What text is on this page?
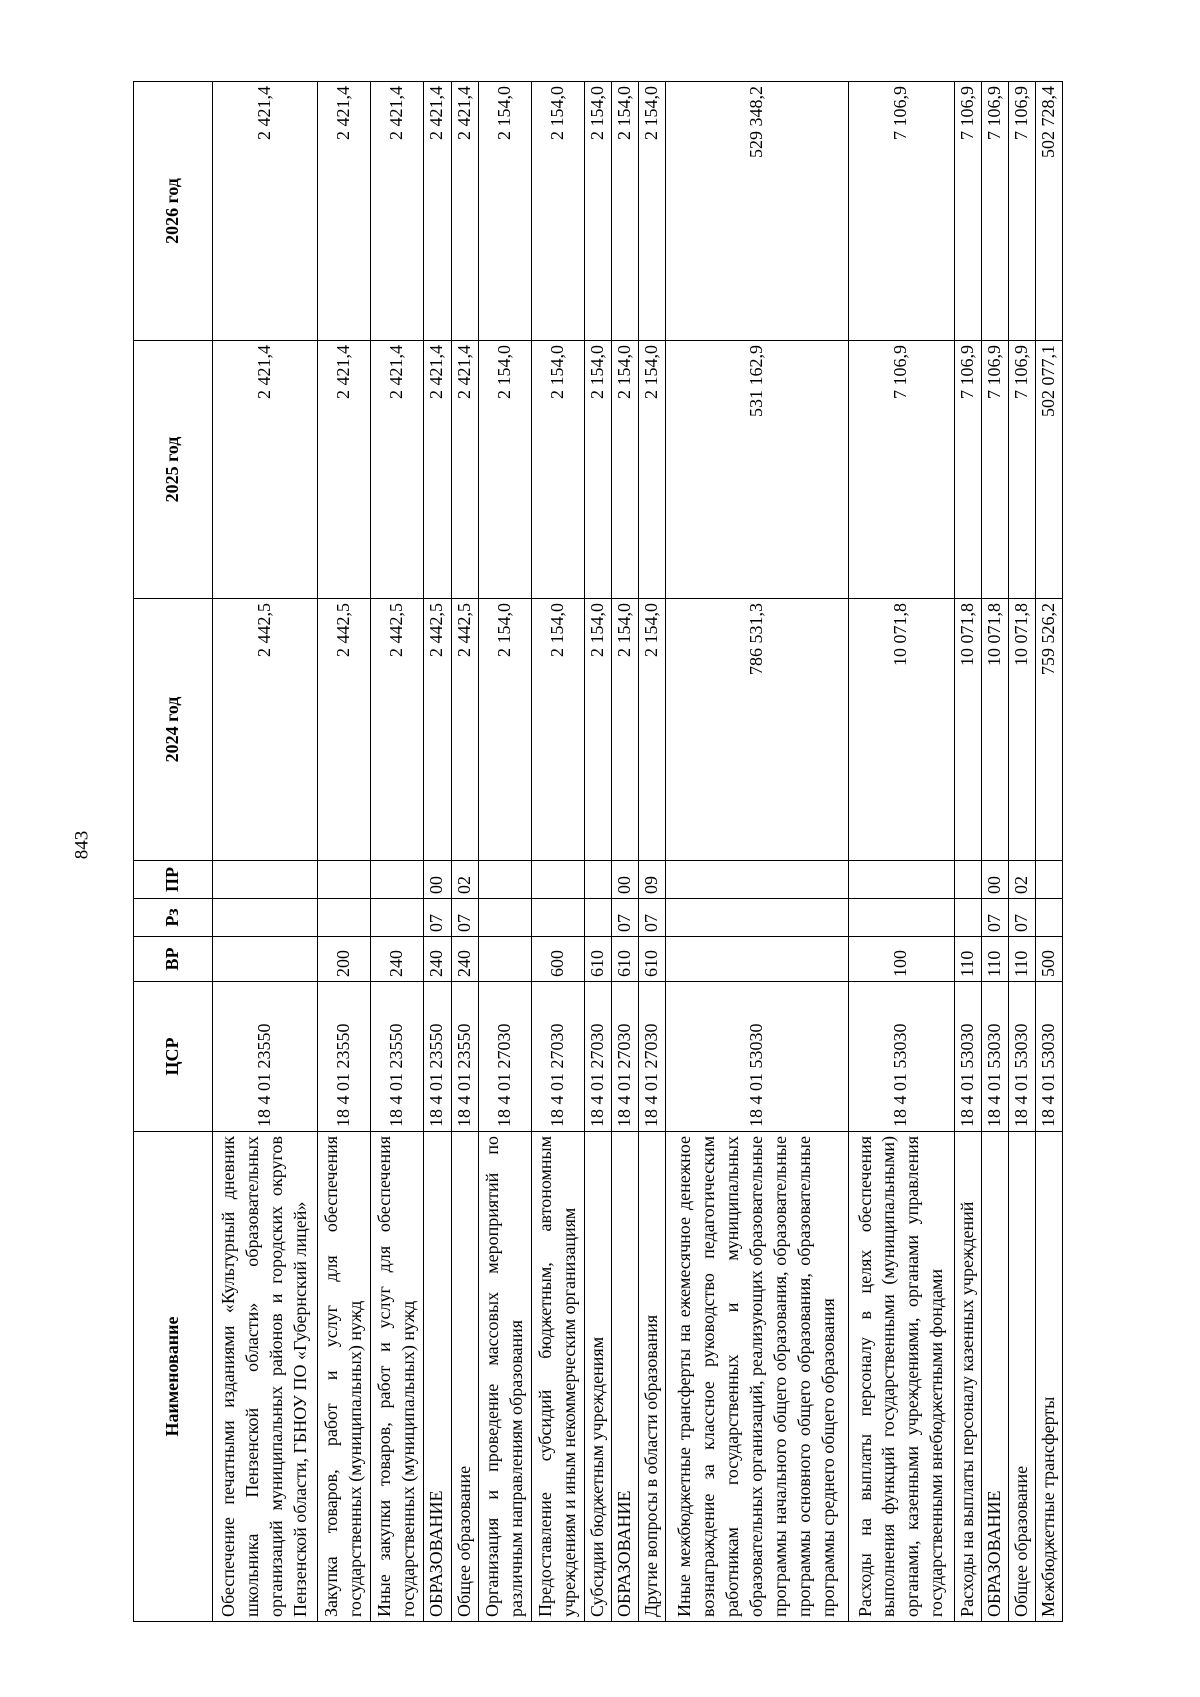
843
Наименование	ЦСР	ВР	Рз	ПР	2024 год	2025 год	2026 год
Обеспечение печатными изданиями «Культурный дневник школьника Пензенской области» образовательных организаций муниципальных районов и городских округов Пензенской области, ГБНОУ ПО «Губернский лицей»	18 4 01 23550				2 442,5	2 421,4	2 421,4
Закупка товаров, работ и услуг для обеспечения государственных (муниципальных) нужд	18 4 01 23550	200			2 442,5	2 421,4	2 421,4
Иные закупки товаров, работ и услуг для обеспечения государственных (муниципальных) нужд	18 4 01 23550	240			2 442,5	2 421,4	2 421,4
ОБРАЗОВАНИЕ	18 4 01 23550	240	07	00	2 442,5	2 421,4	2 421,4
Общее образование	18 4 01 23550	240	07	02	2 442,5	2 421,4	2 421,4
Организация и проведение массовых мероприятий по различным направлениям образования	18 4 01 27030				2 154,0	2 154,0	2 154,0
Предоставление субсидий бюджетным, автономным учреждениям и иным некоммерческим организациям	18 4 01 27030	600			2 154,0	2 154,0	2 154,0
Субсидии бюджетным учреждениям	18 4 01 27030	610			2 154,0	2 154,0	2 154,0
ОБРАЗОВАНИЕ	18 4 01 27030	610	07	00	2 154,0	2 154,0	2 154,0
Другие вопросы в области образования	18 4 01 27030	610	07	09	2 154,0	2 154,0	2 154,0
Иные межбюджетные трансферты на ежемесячное денежное вознаграждение за классное руководство педагогическим работникам государственных и муниципальных образовательных организаций, реализующих образовательные программы начального общего образования, образовательные программы основного общего образования, образовательные программы среднего общего образования	18 4 01 53030				786 531,3	531 162,9	529 348,2
Расходы на выплаты персоналу в целях обеспечения выполнения функций государственными (муниципальными) органами, казенными учреждениями, органами управления государственными внебюджетными фондами	18 4 01 53030	100			10 071,8	7 106,9	7 106,9
Расходы на выплаты персоналу казенных учреждений	18 4 01 53030	110			10 071,8	7 106,9	7 106,9
ОБРАЗОВАНИЕ	18 4 01 53030	110	07	00	10 071,8	7 106,9	7 106,9
Общее образование	18 4 01 53030	110	07	02	10 071,8	7 106,9	7 106,9
Межбюджетные трансферты	18 4 01 53030	500			759 526,2	502 077,1	502 728,4
